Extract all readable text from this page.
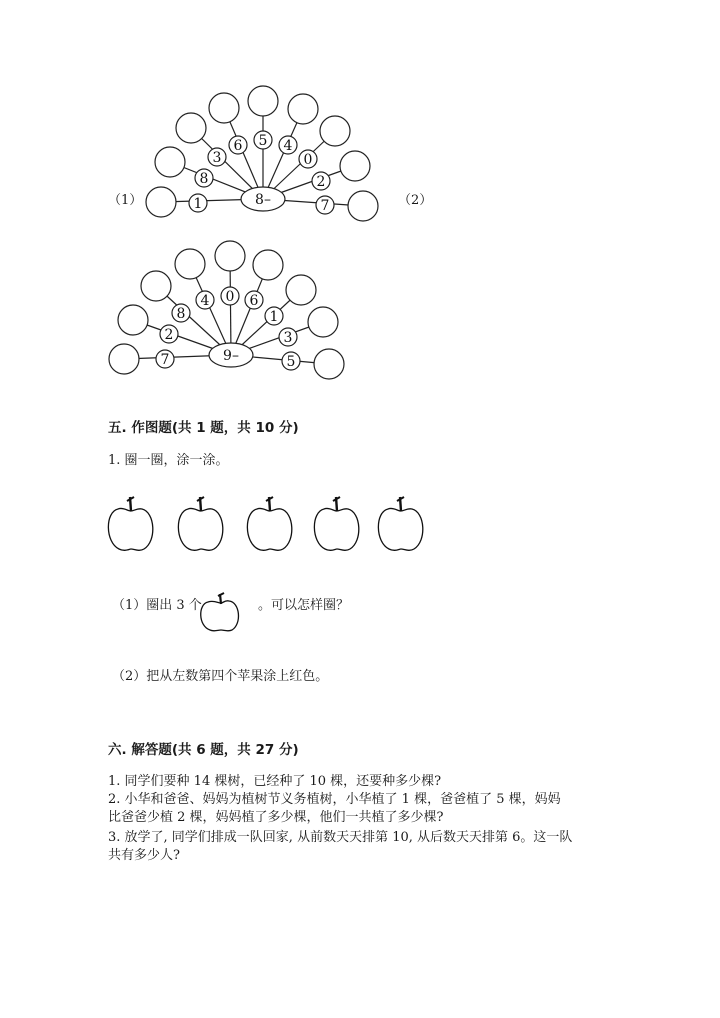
（1）	（2）
1
8
3
6 5 4
0
2
7
8–
7
2
8
4 0 6
1
3
5
9–
五. 作图题(共 1 题，共 10 分)
1. 圈一圈，涂一涂。
（1）圈出 3 个	。可以怎样圈？
（2）把从左数第四个苹果涂上红色。
六. 解答题(共 6 题，共 27 分)
1. 同学们要种 14 棵树，已经种了 10 棵，还要种多少棵?
2. 小华和爸爸、妈妈为植树节义务植树，小华植了 1 棵，爸爸植了 5 棵，妈妈
比爸爸少植 2 棵，妈妈植了多少棵，他们一共植了多少棵?
3. 放学了, 同学们排成一队回家, 从前数天天排第 10, 从后数天天排第 6。这一队
共有多少人?
